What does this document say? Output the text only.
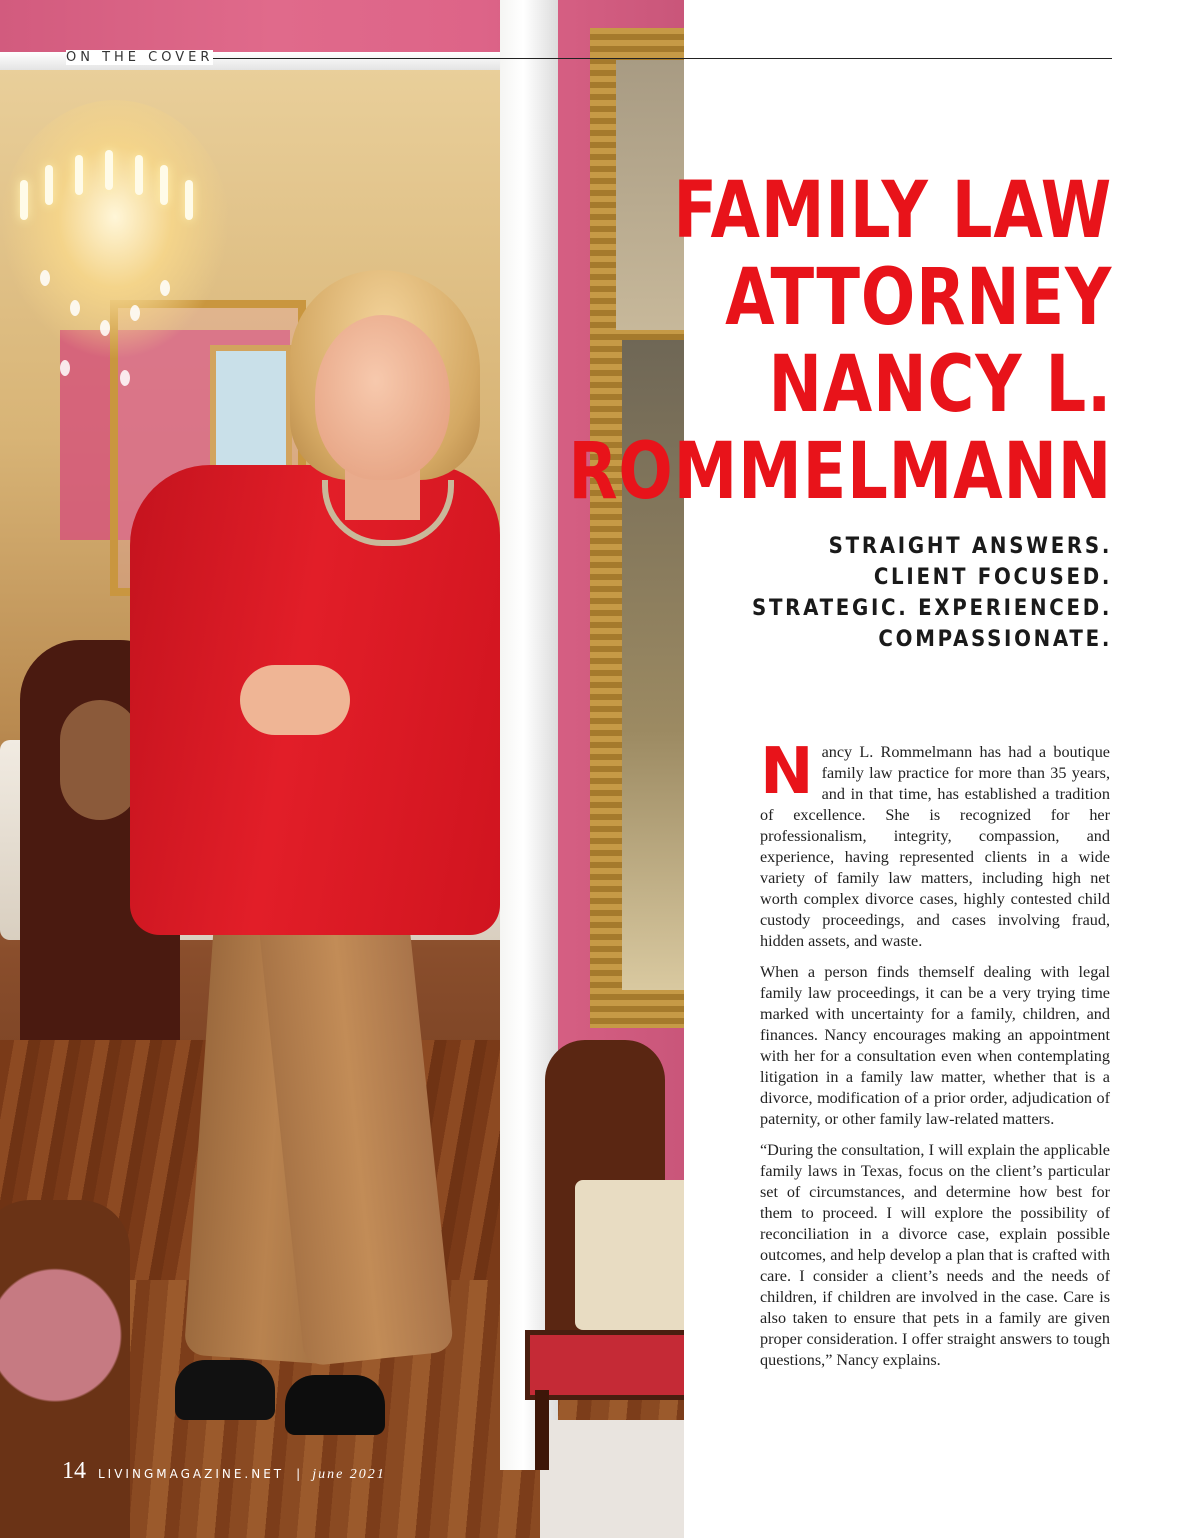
ON THE COVER
FAMILY LAW
ATTORNEY
NANCY L.
ROMMELMANN
STRAIGHT ANSWERS.
CLIENT FOCUSED.
STRATEGIC. EXPERIENCED.
COMPASSIONATE.

Nancy L. Rommelmann has had a boutique family law practice for more than 35 years, and in that time, has established a tradition of excellence. She is recognized for her professionalism, integrity, compassion, and experience, having represented clients in a wide variety of family law matters, including high net worth complex divorce cases, highly contested child custody proceedings, and cases involving fraud, hidden assets, and waste.

When a person finds themself dealing with legal family law proceedings, it can be a very trying time marked with uncertainty for a family, children, and finances. Nancy encourages making an appointment with her for a consultation even when contemplating litigation in a family law matter, whether that is a divorce, modification of a prior order, adjudication of paternity, or other family law-related matters.

“During the consultation, I will explain the applicable family laws in Texas, focus on the client’s particular set of circumstances, and determine how best for them to proceed. I will explore the possibility of reconciliation in a divorce case, explain possible outcomes, and help develop a plan that is crafted with care. I consider a client’s needs and the needs of children, if children are involved in the case. Care is also taken to ensure that pets in a family are given proper consideration. I offer straight answers to tough questions,” Nancy explains.

14 LIVINGMAGAZINE.NET | june 2021
